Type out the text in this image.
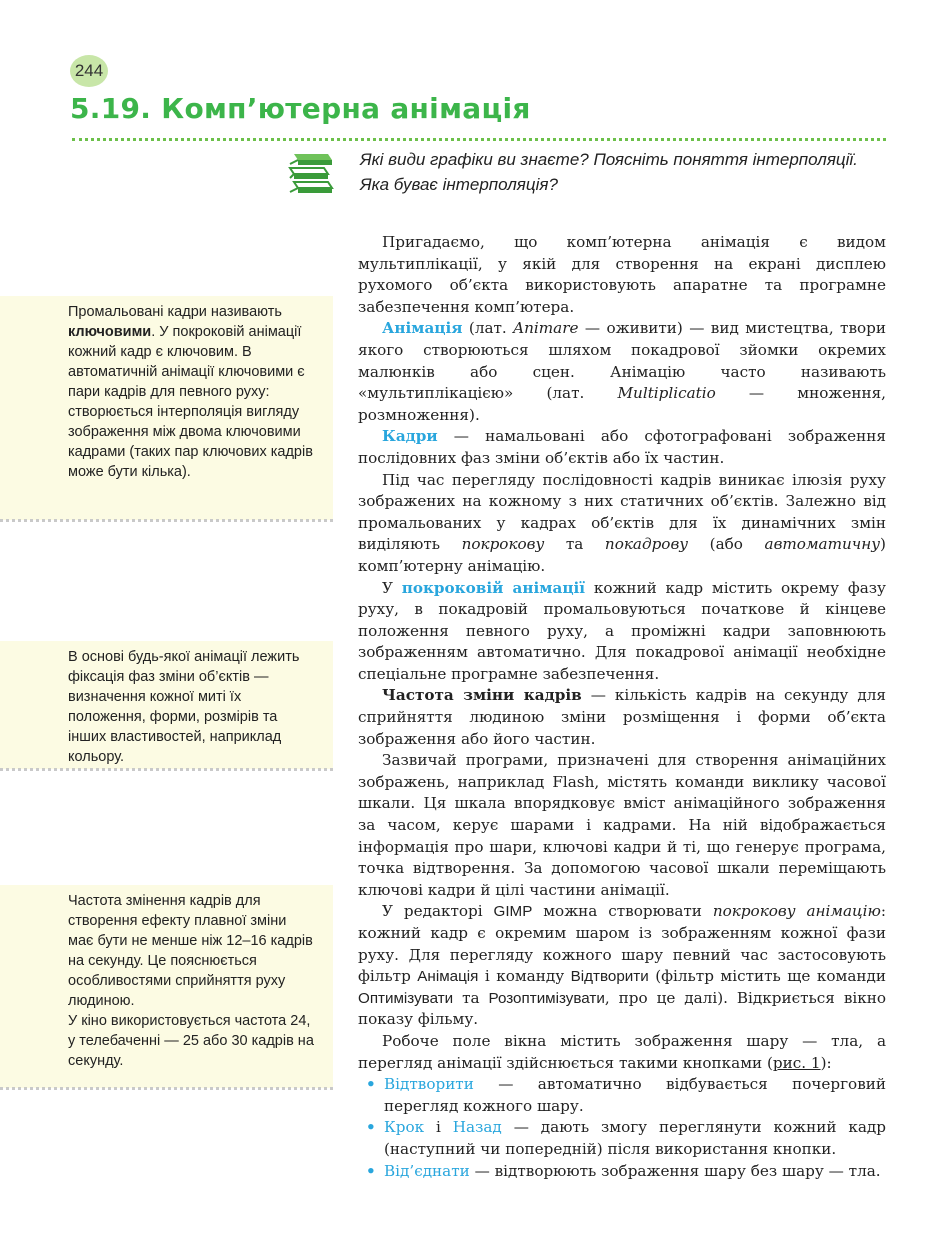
244
5.19. Комп’ютерна анімація
Які види графіки ви знаєте? Поясніть поняття інтерполяції.
Яка буває інтерполяція?

Промальовані кадри називають ключовими. У покроковій анімації кожний кадр є ключовим. В автоматичній анімації ключовими є пари кадрів для певного руху: створюється інтерполяція вигляду зображення між двома ключовими кадрами (таких пар ключових кадрів може бути кілька).

В основі будь-якої анімації лежить фіксація фаз зміни об’єктів — визначення кожної миті їх положення, форми, розмірів та інших властивостей, наприклад кольору.

Частота змінення кадрів для створення ефекту плавної зміни має бути не менше ніж 12–16 кадрів на секунду. Це пояснюється особливостями сприйняття руху людиною.

У кіно використовується частота 24, у телебаченні — 25 або 30 кадрів на секунду.

Пригадаємо, що комп’ютерна анімація є видом мультиплікації, у якій для створення на екрані дисплею рухомого об’єкта використовують апаратне та програмне забезпечення комп’ютера.

Анімація (лат. Animare — оживити) — вид мистецтва, твори якого створюються шляхом покадрової зйомки окремих малюнків або сцен. Анімацію часто називають «мультиплікацією» (лат. Multiplicatio — множення, розмноження).

Кадри — намальовані або сфотографовані зображення послідовних фаз зміни об’єктів або їх частин.

Під час перегляду послідовності кадрів виникає ілюзія руху зображених на кожному з них статичних об’єктів. Залежно від промальованих у кадрах об’єктів для їх динамічних змін виділяють покрокову та покадрову (або автоматичну) комп’ютерну анімацію.

У покроковій анімації кожний кадр містить окрему фазу руху, в покадровій промальовуються початкове й кінцеве положення певного руху, а проміжні кадри заповнюють зображенням автоматично. Для покадрової анімації необхідне спеціальне програмне забезпечення.

Частота зміни кадрів — кількість кадрів на секунду для сприйняття людиною зміни розміщення і форми об’єкта зображення або його частин.

Зазвичай програми, призначені для створення анімаційних зображень, наприклад Flash, містять команди виклику часової шкали. Ця шкала впорядковує вміст анімаційного зображення за часом, керує шарами і кадрами. На ній відображається інформація про шари, ключові кадри й ті, що генерує програма, точка відтворення. За допомогою часової шкали переміщають ключові кадри й цілі частини анімації.

У редакторі GIMP можна створювати покрокову анімацію: кожний кадр є окремим шаром із зображенням кожної фази руху. Для перегляду кожного шару певний час застосовують фільтр Анімація і команду Відтворити (фільтр містить ще команди Оптимізувати та Розоптимізувати, про це далі). Відкриється вікно показу фільму.

Робоче поле вікна містить зображення шару — тла, а перегляд анімації здійснюється такими кнопками (рис. 1):

• Відтворити — автоматично відбувається почерговий перегляд кожного шару.
• Крок і Назад — дають змогу переглянути кожний кадр (наступний чи попередній) після використання кнопки.
• Від’єднати — відтворюють зображення шару без шару — тла.
